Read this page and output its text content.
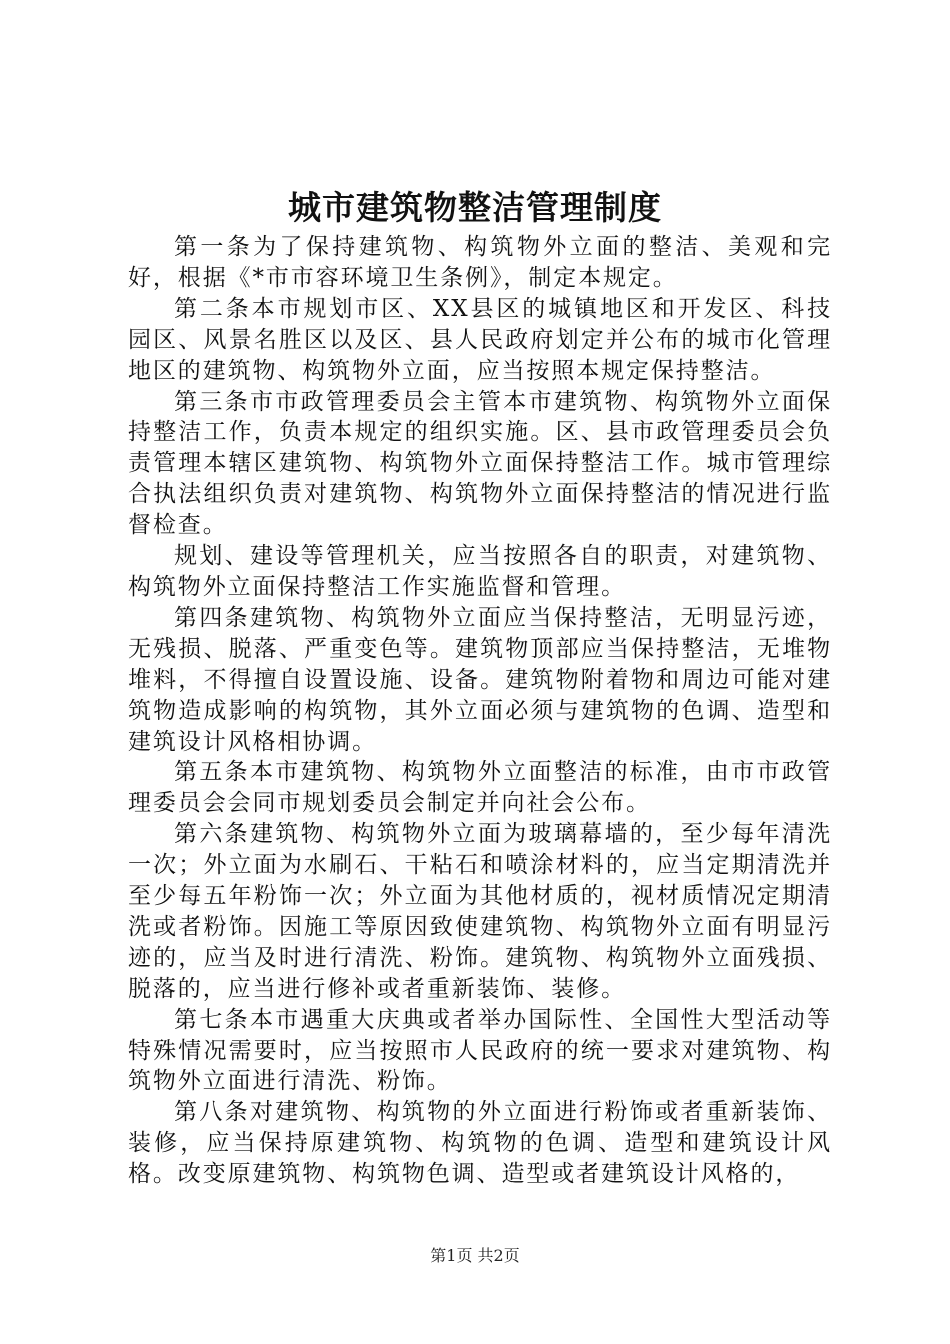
城市建筑物整洁管理制度

第一条为了保持建筑物、构筑物外立面的整洁、美观和完好，根据《*市市容环境卫生条例》，制定本规定。

第二条本市规划市区、XX县区的城镇地区和开发区、科技园区、风景名胜区以及区、县人民政府划定并公布的城市化管理地区的建筑物、构筑物外立面，应当按照本规定保持整洁。

第三条市市政管理委员会主管本市建筑物、构筑物外立面保持整洁工作，负责本规定的组织实施。区、县市政管理委员会负责管理本辖区建筑物、构筑物外立面保持整洁工作。城市管理综合执法组织负责对建筑物、构筑物外立面保持整洁的情况进行监督检查。

规划、建设等管理机关，应当按照各自的职责，对建筑物、构筑物外立面保持整洁工作实施监督和管理。

第四条建筑物、构筑物外立面应当保持整洁，无明显污迹，无残损、脱落、严重变色等。建筑物顶部应当保持整洁，无堆物堆料，不得擅自设置设施、设备。建筑物附着物和周边可能对建筑物造成影响的构筑物，其外立面必须与建筑物的色调、造型和建筑设计风格相协调。

第五条本市建筑物、构筑物外立面整洁的标准，由市市政管理委员会会同市规划委员会制定并向社会公布。

第六条建筑物、构筑物外立面为玻璃幕墙的，至少每年清洗一次；外立面为水刷石、干粘石和喷涂材料的，应当定期清洗并至少每五年粉饰一次；外立面为其他材质的，视材质情况定期清洗或者粉饰。因施工等原因致使建筑物、构筑物外立面有明显污迹的，应当及时进行清洗、粉饰。建筑物、构筑物外立面残损、脱落的，应当进行修补或者重新装饰、装修。

第七条本市遇重大庆典或者举办国际性、全国性大型活动等特殊情况需要时，应当按照市人民政府的统一要求对建筑物、构筑物外立面进行清洗、粉饰。

第八条对建筑物、构筑物的外立面进行粉饰或者重新装饰、装修，应当保持原建筑物、构筑物的色调、造型和建筑设计风格。改变原建筑物、构筑物色调、造型或者建筑设计风格的，

第1页 共2页
